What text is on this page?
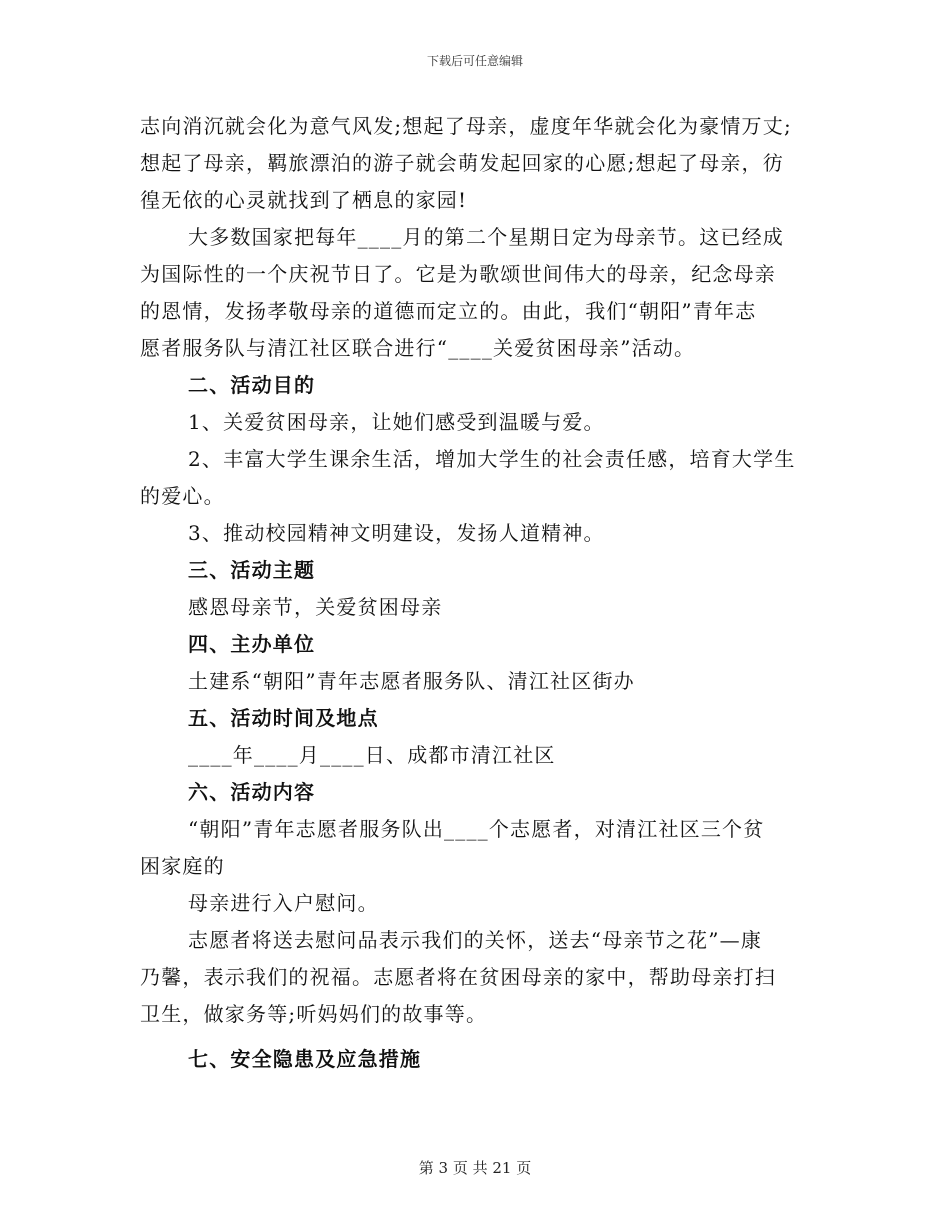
下载后可任意编辑
志向消沉就会化为意气风发;想起了母亲，虚度年华就会化为豪情万丈;
想起了母亲，羁旅漂泊的游子就会萌发起回家的心愿;想起了母亲，彷
徨无依的心灵就找到了栖息的家园!
大多数国家把每年____月的第二个星期日定为母亲节。这已经成
为国际性的一个庆祝节日了。它是为歌颂世间伟大的母亲，纪念母亲
的恩情，发扬孝敬母亲的道德而定立的。由此，我们“朝阳”青年志
愿者服务队与清江社区联合进行“____关爱贫困母亲”活动。
二、活动目的
1、关爱贫困母亲，让她们感受到温暖与爱。
2、丰富大学生课余生活，增加大学生的社会责任感，培育大学生
的爱心。
3、推动校园精神文明建设，发扬人道精神。
三、活动主题
感恩母亲节，关爱贫困母亲
四、主办单位
土建系“朝阳”青年志愿者服务队、清江社区街办
五、活动时间及地点
____年____月____日、成都市清江社区
六、活动内容
“朝阳”青年志愿者服务队出____个志愿者，对清江社区三个贫
困家庭的
母亲进行入户慰问。
志愿者将送去慰问品表示我们的关怀，送去“母亲节之花”—康
乃馨，表示我们的祝福。志愿者将在贫困母亲的家中，帮助母亲打扫
卫生，做家务等;听妈妈们的故事等。
七、安全隐患及应急措施
第 3 页 共 21 页
